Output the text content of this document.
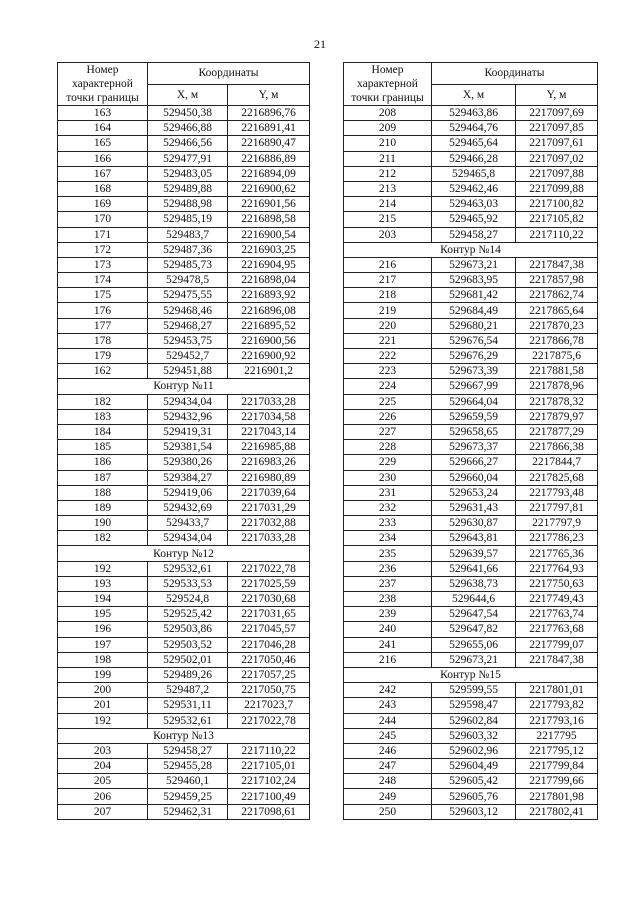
21
Номер
характерной
точки границы	Координаты	
	X, м	Y, м
163	529450,38	2216896,76
164	529466,88	2216891,41
165	529466,56	2216890,47
166	529477,91	2216886,89
167	529483,05	2216894,09
168	529489,88	2216900,62
169	529488,98	2216901,56
170	529485,19	2216898,58
171	529483,7	2216900,54
172	529487,36	2216903,25
173	529485,73	2216904,95
174	529478,5	2216898,04
175	529475,55	2216893,92
176	529468,46	2216896,08
177	529468,27	2216895,52
178	529453,75	2216900,56
179	529452,7	2216900,92
162	529451,88	2216901,2
Контур №11		
182	529434,04	2217033,28
183	529432,96	2217034,58
184	529419,31	2217043,14
185	529381,54	2216985,88
186	529380,26	2216983,26
187	529384,27	2216980,89
188	529419,06	2217039,64
189	529432,69	2217031,29
190	529433,7	2217032,88
182	529434,04	2217033,28
Контур №12		
192	529532,61	2217022,78
193	529533,53	2217025,59
194	529524,8	2217030,68
195	529525,42	2217031,65
196	529503,86	2217045,57
197	529503,52	2217046,28
198	529502,01	2217050,46
199	529489,26	2217057,25
200	529487,2	2217050,75
201	529531,11	2217023,7
192	529532,61	2217022,78
Контур №13		
203	529458,27	2217110,22
204	529455,28	2217105,01
205	529460,1	2217102,24
206	529459,25	2217100,49
207	529462,31	2217098,61
Номер
характерной
точки границы	Координаты	
	X, м	Y, м
208	529463,86	2217097,69
209	529464,76	2217097,85
210	529465,64	2217097,61
211	529466,28	2217097,02
212	529465,8	2217097,88
213	529462,46	2217099,88
214	529463,03	2217100,82
215	529465,92	2217105,82
203	529458,27	2217110,22
Контур №14		
216	529673,21	2217847,38
217	529683,95	2217857,98
218	529681,42	2217862,74
219	529684,49	2217865,64
220	529680,21	2217870,23
221	529676,54	2217866,78
222	529676,29	2217875,6
223	529673,39	2217881,58
224	529667,99	2217878,96
225	529664,04	2217878,32
226	529659,59	2217879,97
227	529658,65	2217877,29
228	529673,37	2217866,38
229	529666,27	2217844,7
230	529660,04	2217825,68
231	529653,24	2217793,48
232	529631,43	2217797,81
233	529630,87	2217797,9
234	529643,81	2217786,23
235	529639,57	2217765,36
236	529641,66	2217764,93
237	529638,73	2217750,63
238	529644,6	2217749,43
239	529647,54	2217763,74
240	529647,82	2217763,68
241	529655,06	2217799,07
216	529673,21	2217847,38
Контур №15		
242	529599,55	2217801,01
243	529598,47	2217793,82
244	529602,84	2217793,16
245	529603,32	2217795
246	529602,96	2217795,12
247	529604,49	2217799,84
248	529605,42	2217799,66
249	529605,76	2217801,98
250	529603,12	2217802,41
